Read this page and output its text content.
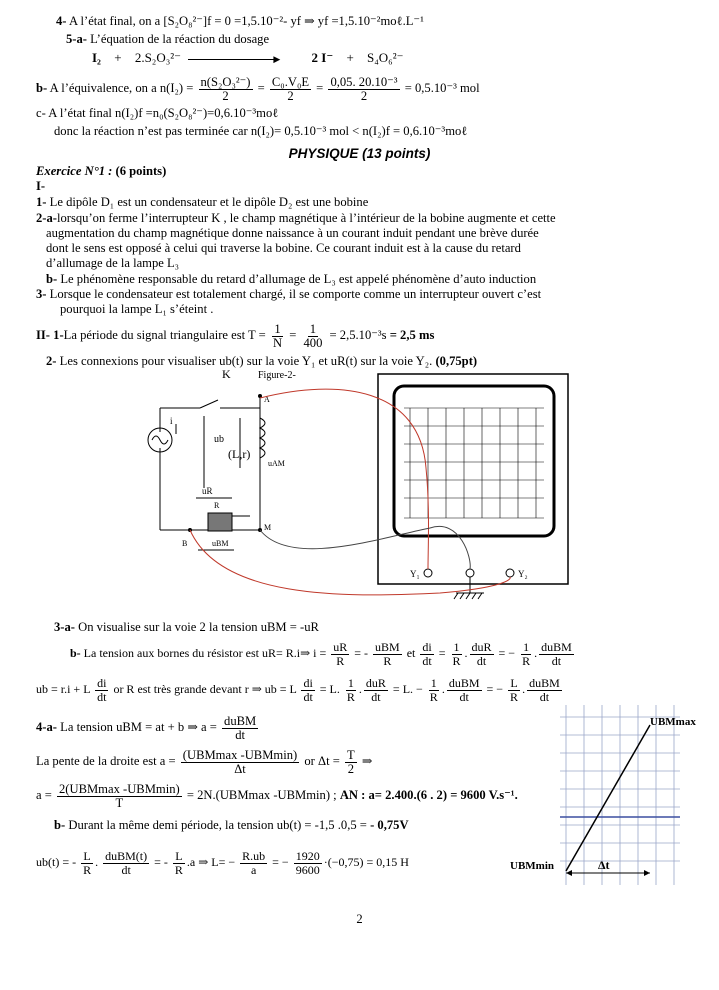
4- A l’état final, on a [S₂O₈²⁻]f = 0 =1,5.10⁻²- yf ⇒ yf =1,5.10⁻²moℓ.L⁻¹
5-a- L’équation de la réaction du dosage
I₂ + 2.S₂O₃²⁻	▶ 2 I⁻ + S₄O₆²⁻
b- A l’équivalence, on a $n(I_2) = \frac{\text{n(S₂O₃²⁻)}}{2} = \frac{\text{C₀.V₀E}}{2} = \frac{\text{0,05. 20.10⁻³}}{2} = 0,5.10^{-3}$ mol
c- A l’état final n(I₂)f =n₀(S₂O₈²⁻)=0,6.10⁻³moℓ
donc la réaction n’est pas terminée car n(I₂)= 0,5.10⁻³ mol < n(I₂)f = 0,6.10⁻³moℓ
PHYSIQUE (13 points)
Exercice N°1 : (6 points)
I-
1- Le dipôle D₁ est un condensateur et le dipôle D₂ est une bobine
2-a-lorsqu’on ferme l’interrupteur K , le champ magnétique à l’intérieur de la bobine augmente et cette
augmentation du champ magnétique donne naissance à un courant induit pendant une brève durée
dont le sens est opposé à celui qui traverse la bobine. Ce courant induit est à la cause du retard
d’allumage de la lampe L₃
b- Le phénomène responsable du retard d’allumage de L₃ est appelé phénomène d’auto induction
3- Lorsque le condensateur est totalement chargé, il se comporte comme un interrupteur ouvert c’est
pourquoi la lampe L₁ s’éteint .
II- 1-La période du signal triangulaire est $T = \frac{1}{N} = \frac{1}{400} = 2,5.10^{-3}s = 2,5$ ms
2- Les connexions pour visualiser ub(t) sur la voie Y₁ et uR(t) sur la voie Y₂. (0,75pt)
K	Figure-2-
i
ub
(L,r)
uAM
uR
R
M
A
B	uBM
Y₁	Y₂
3-a- On visualise sur la voie 2 la tension uBM = -uR
b- La tension aux bornes du résistor est uR= R.i⇒ $i = \frac{uR}{R}$ = - $\frac{\text{uBM}}{R}$ et $\frac{di}{dt} = \frac{1}{R}$ . $\frac{\text{duR}}{dt}$ = − $\frac{1}{R}$ . $\frac{\text{duBM}}{dt}$
ub = r.i + L $\frac{di}{dt}$ or R est très grande devant r ⇒ ub = L $\frac{di}{dt} = L$. $\frac{1}{R}$ . $\frac{\text{duR}}{dt} = L$. − $\frac{1}{R}$ . $\frac{\text{duBM}}{dt}$ = − $\frac{L}{R}$ . $\frac{\text{duBM}}{dt}$
4-a- La tension uBM = at + b ⇒ $a = \frac{\text{duBM}}{dt}$
La pente de la droite est $a = \frac{\text{(UBMmax -UBMmin)}}{\Delta t}$ or $\Delta t = \frac{T}{2}$ ⇒
$a = \frac{\text{2(UBMmax -UBMmin)}}{T} = 2N.(UBMmax$ -UBMmin) ; AN : a= 2.400.(6 . 2) = 9600 V.s⁻¹.
b- Durant la même demi période, la tension ub(t) = -1,5 .0,5 = - 0,75V
ub(t) = - $\frac{L}{R}$ . $\frac{\text{duBM(t)}}{dt}$ = - $\frac{L}{R} .a$ ⇒ $L= - \frac{R.ub}{a}$ = − $\frac{1920}{9600} \cdot(-0,75) = 0,15$ H
UBMmax
UBMmin	Δt
2
